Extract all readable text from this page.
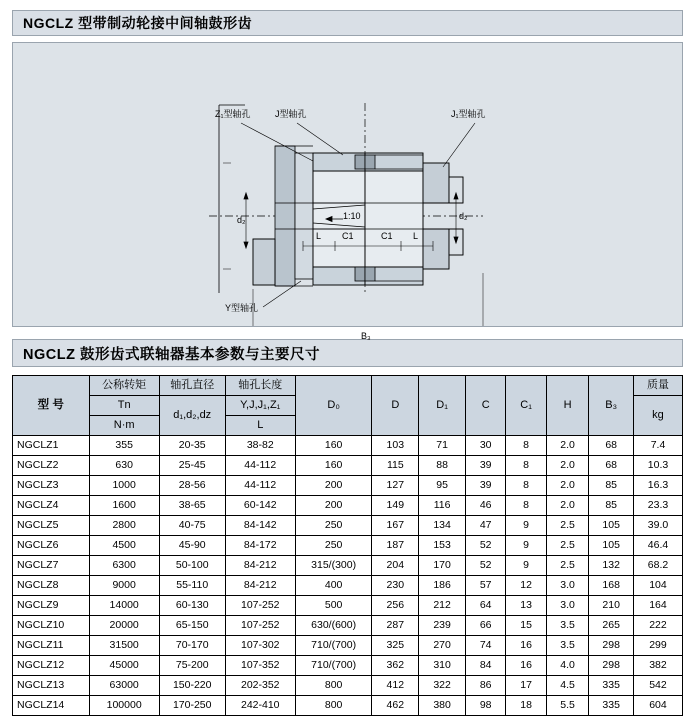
NGCLZ 型带制动轮接中间轴鼓形齿
Z₁型轴孔	J型轴孔	J₁型轴孔
1:10
d₂	d₂
L C1	C1 L
Y型轴孔
B₃
NGCLZ 鼓形齿式联轴器基本参数与主要尺寸
型 号	公称转矩	轴孔直径	轴孔长度	D₀	D	D₁	C	C₁	H	B₃	质量
	Tn	d₁,d₂,dz	Y,J,J₁,Z₁								kg
	N·m		L								
NGCLZ1	355	20-35	38-82	160	103	71	30	8	2.0	68	7.4
NGCLZ2	630	25-45	44-112	160	115	88	39	8	2.0	68	10.3
NGCLZ3	1000	28-56	44-112	200	127	95	39	8	2.0	85	16.3
NGCLZ4	1600	38-65	60-142	200	149	116	46	8	2.0	85	23.3
NGCLZ5	2800	40-75	84-142	250	167	134	47	9	2.5	105	39.0
NGCLZ6	4500	45-90	84-172	250	187	153	52	9	2.5	105	46.4
NGCLZ7	6300	50-100	84-212	315/(300)	204	170	52	9	2.5	132	68.2
NGCLZ8	9000	55-110	84-212	400	230	186	57	12	3.0	168	104
NGCLZ9	14000	60-130	107-252	500	256	212	64	13	3.0	210	164
NGCLZ10	20000	65-150	107-252	630/(600)	287	239	66	15	3.5	265	222
NGCLZ11	31500	70-170	107-302	710/(700)	325	270	74	16	3.5	298	299
NGCLZ12	45000	75-200	107-352	710/(700)	362	310	84	16	4.0	298	382
NGCLZ13	63000	150-220	202-352	800	412	322	86	17	4.5	335	542
NGCLZ14	100000	170-250	242-410	800	462	380	98	18	5.5	335	604
